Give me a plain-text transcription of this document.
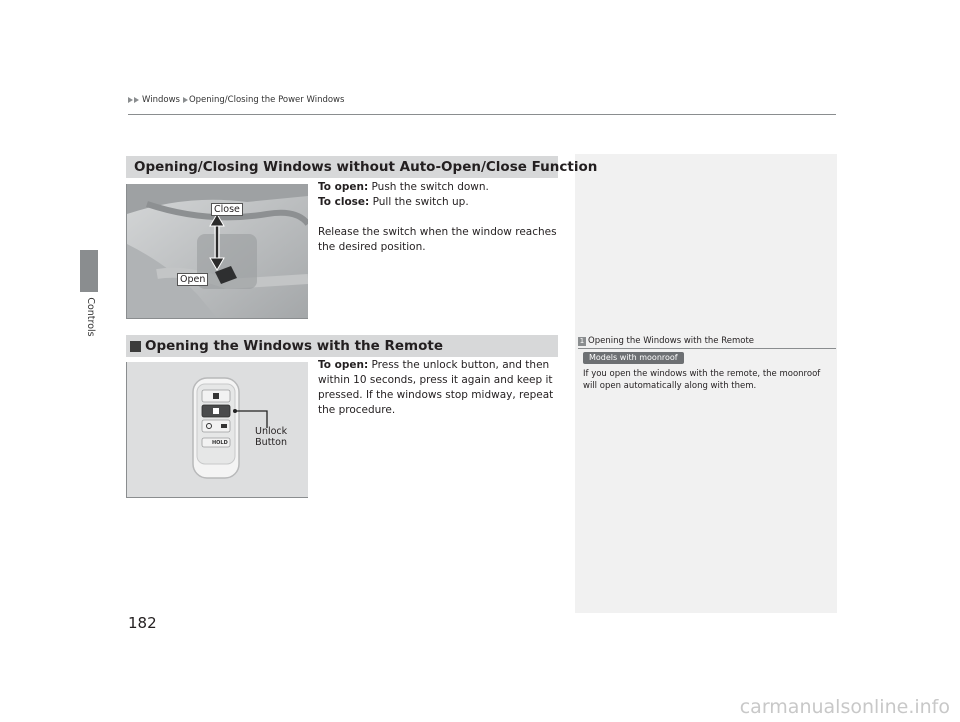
Controls
Windows Opening/Closing the Power Windows
Opening/Closing Windows without Auto-Open/Close Function
Close
Open
To open: Push the switch down.
To close: Pull the switch up.
Release the switch when the window reaches the desired position.
Opening the Windows with the Remote
HOLD
Unlock
Button
To open: Press the unlock button, and then within 10 seconds, press it again and keep it pressed. If the windows stop midway, repeat the procedure.
1 Opening the Windows with the Remote
Models with moonroof
If you open the windows with the remote, the moonroof will open automatically along with them.
182
carmanualsonline.info
